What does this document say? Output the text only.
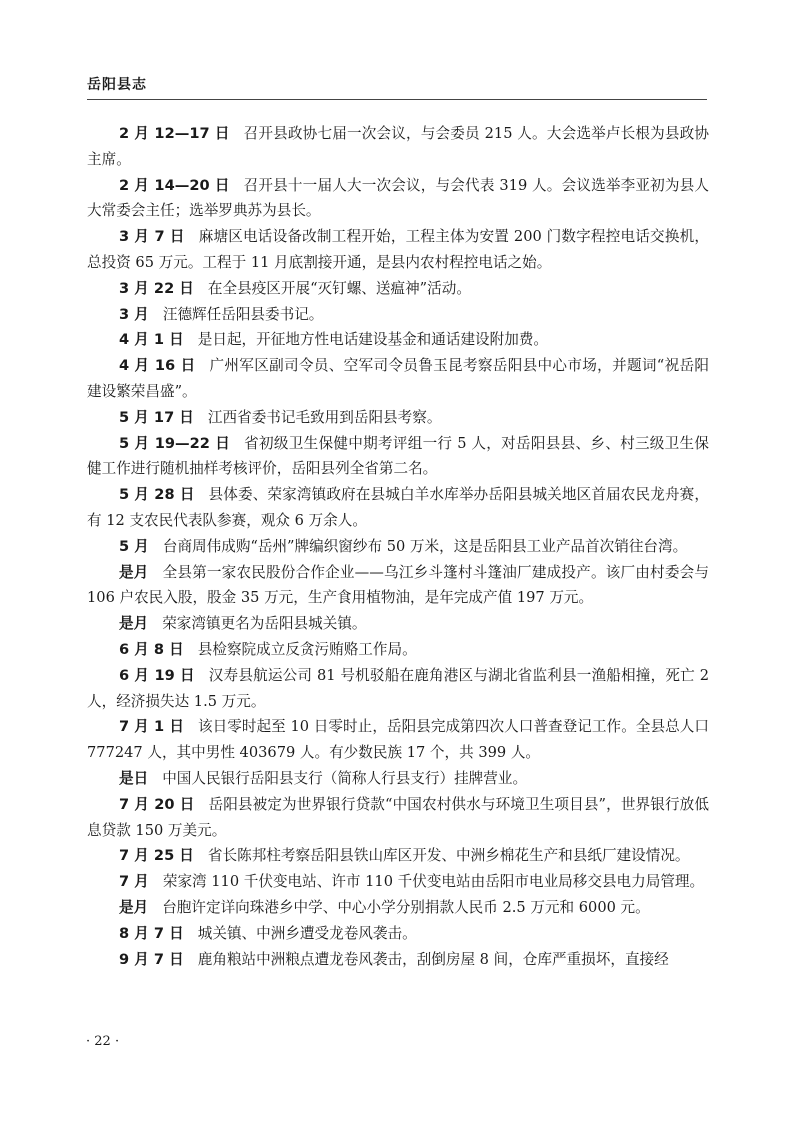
岳阳县志

2 月 12—17 日 召开县政协七届一次会议，与会委员 215 人。大会选举卢长根为县政协主席。

2 月 14—20 日 召开县十一届人大一次会议，与会代表 319 人。会议选举李亚初为县人大常委会主任；选举罗典苏为县长。

3 月 7 日 麻塘区电话设备改制工程开始，工程主体为安置 200 门数字程控电话交换机，总投资 65 万元。工程于 11 月底割接开通，是县内农村程控电话之始。

3 月 22 日 在全县疫区开展“灭钉螺、送瘟神”活动。

3 月 汪德辉任岳阳县委书记。

4 月 1 日 是日起，开征地方性电话建设基金和通话建设附加费。

4 月 16 日 广州军区副司令员、空军司令员鲁玉昆考察岳阳县中心市场，并题词“祝岳阳建设繁荣昌盛”。

5 月 17 日 江西省委书记毛致用到岳阳县考察。

5 月 19—22 日 省初级卫生保健中期考评组一行 5 人，对岳阳县县、乡、村三级卫生保健工作进行随机抽样考核评价，岳阳县列全省第二名。

5 月 28 日 县体委、荣家湾镇政府在县城白羊水库举办岳阳县城关地区首届农民龙舟赛，有 12 支农民代表队参赛，观众 6 万余人。

5 月 台商周伟成购“岳州”牌编织窗纱布 50 万米，这是岳阳县工业产品首次销往台湾。

是月 全县第一家农民股份合作企业——乌江乡斗篷村斗篷油厂建成投产。该厂由村委会与 106 户农民入股，股金 35 万元，生产食用植物油，是年完成产值 197 万元。

是月 荣家湾镇更名为岳阳县城关镇。

6 月 8 日 县检察院成立反贪污贿赂工作局。

6 月 19 日 汉寿县航运公司 81 号机驳船在鹿角港区与湖北省监利县一渔船相撞，死亡 2 人，经济损失达 1.5 万元。

7 月 1 日 该日零时起至 10 日零时止，岳阳县完成第四次人口普查登记工作。全县总人口 777247 人，其中男性 403679 人。有少数民族 17 个，共 399 人。

是日 中国人民银行岳阳县支行（简称人行县支行）挂牌营业。

7 月 20 日 岳阳县被定为世界银行贷款“中国农村供水与环境卫生项目县”，世界银行放低息贷款 150 万美元。

7 月 25 日 省长陈邦柱考察岳阳县铁山库区开发、中洲乡棉花生产和县纸厂建设情况。

7 月 荣家湾 110 千伏变电站、许市 110 千伏变电站由岳阳市电业局移交县电力局管理。

是月 台胞许定详向珠港乡中学、中心小学分别捐款人民币 2.5 万元和 6000 元。

8 月 7 日 城关镇、中洲乡遭受龙卷风袭击。

9 月 7 日 鹿角粮站中洲粮点遭龙卷风袭击，刮倒房屋 8 间，仓库严重损坏，直接经

· 22 ·
